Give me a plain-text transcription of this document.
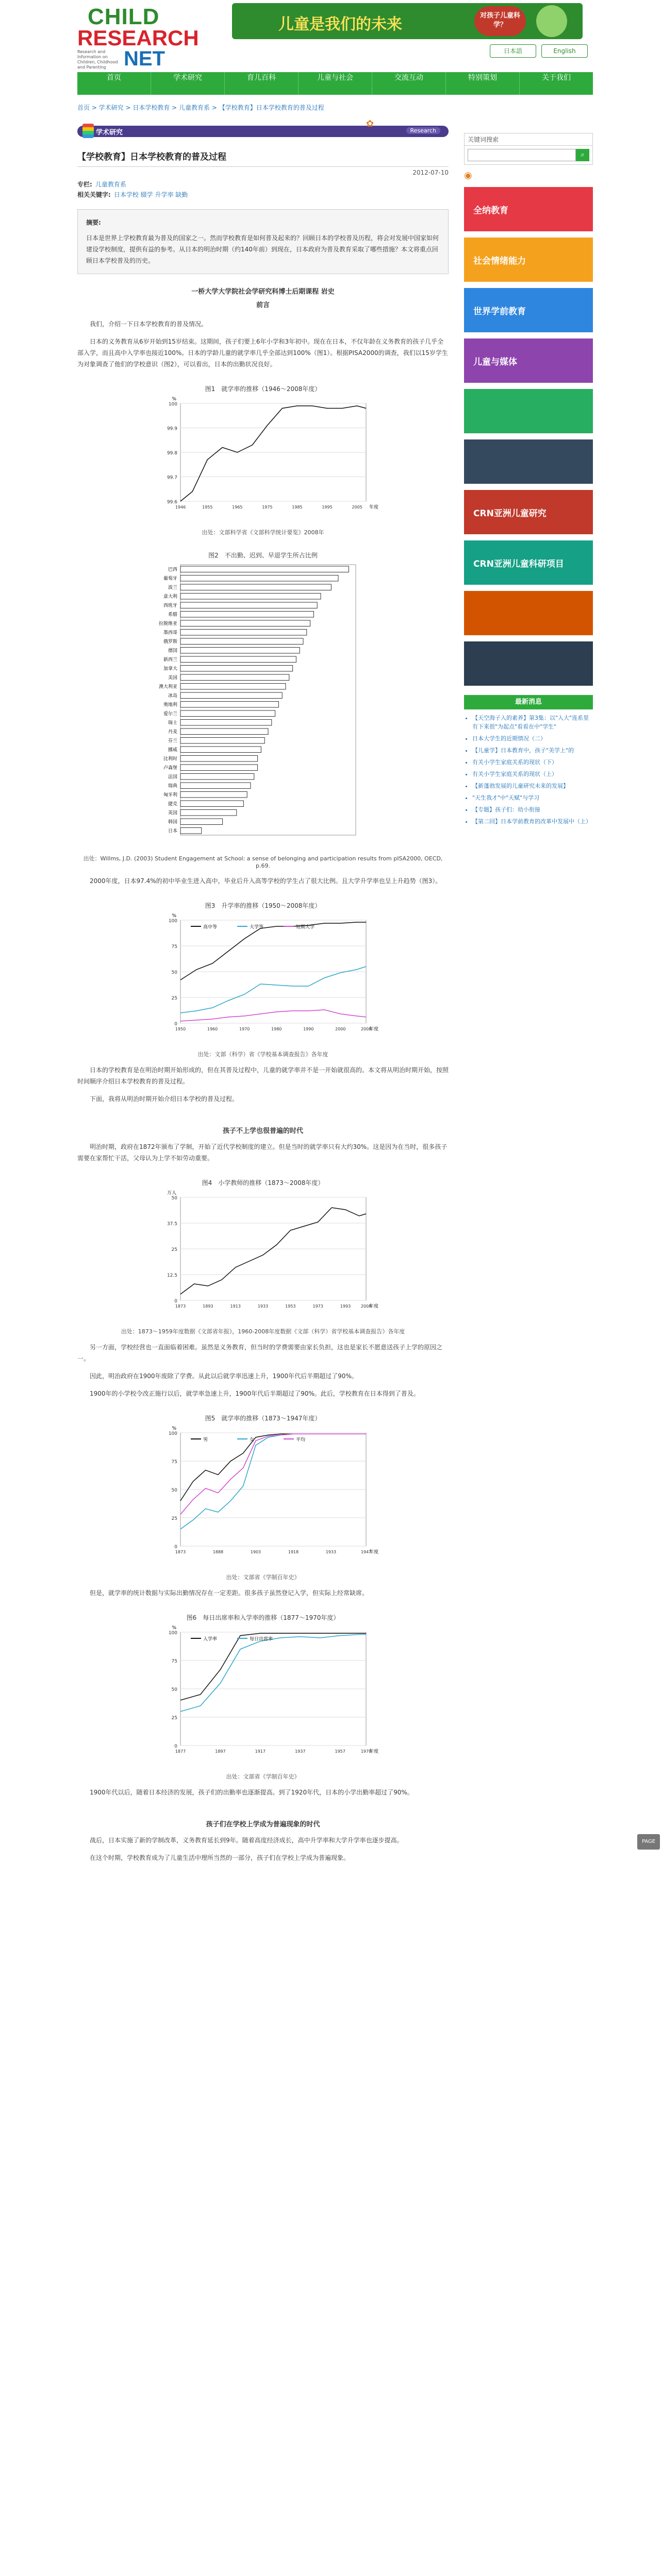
CHILD
RESEARCH
NET
Research and Information on Children, Childhood and Parenting
儿童是我们的未来	对孩子儿童科学？
日本語	English
首页	学术研究	育儿百科	儿童与社会	交流互动	特别策划	关于我们
首页 > 学术研究 > 日本学校教育 > 儿童教育系 > 【学校教育】日本学校教育的普及过程
学术研究	Research
✿
【学校教育】日本学校教育的普及过程
2012-07-10
专栏: 儿童教育系
相关关键字: 日本学校 辍学 升学率 缺勤
摘要:
日本是世界上学校教育最为普及的国家之一。然而学校教育是如何普及起来的？回顾日本的学校普及历程，将会对发展中国家如何建设学校制度，提供有益的参考。从日本的明治时期（约140年前）到现在，日本政府为普及教育采取了哪些措施？本文将重点回顾日本学校普及的历史。
一桥大学大学院社会学研究科博士后期课程 岩史
前言
我们，介绍一下日本学校教育的普及情况。
日本的义务教育从6岁开始到15岁结束。这期间，孩子们要上6年小学和3年初中。现在在日本，不仅年龄在义务教育的孩子几乎全部入学，而且高中入学率也接近100%。日本的学龄儿童的就学率几乎全部达到100%（图1）。根据PISA2000的调查，我们以15岁学生为对象调查了他们的学校意识（图2），可以看出，日本的出勤状况良好。
图1　就学率的推移（1946～2008年度）
99.6
99.7
99.8
99.9
100
1946	1955	1965	1975	1985	1995	2005
%
年度
出处：文部科学省《文部科学统计要览》2008年
图2　不出勤、迟到、早退学生所占比例
巴西
葡萄牙
波兰
意大利
西班牙
希腊
拉脱维亚
墨西哥
俄罗斯
德国
新西兰
加拿大
美国
澳大利亚
冰岛
奥地利
爱尔兰
瑞士
丹麦
芬兰
挪威
比利时
卢森堡
法国
瑞典
匈牙利
捷克
英国
韩国
日本
出处：Willms, J.D. (2003) Student Engagement at School: a sense of belonging and participation results from pISA2000, OECD, p.69.
2000年度，日本97.4%的初中毕业生进入高中，毕业后升入高等学校的学生占了很大比例。且大学升学率也呈上升趋势（图3）。
图3　升学率的推移（1950～2008年度）
0
25
50
75
100
1950	1960	1970	1980	1990	2000	2008
%
年度
高中等	大学等	短期大学
出处：文部（科学）省《学校基本调查报告》各年度
日本的学校教育是在明治时期开始形成的，但在其普及过程中，儿童的就学率并不是一开始就很高的。本文将从明治时期开始，按照时间顺序介绍日本学校教育的普及过程。
下面，我将从明治时期开始介绍日本学校的普及过程。
孩子不上学也很普遍的时代
明治时期，政府在1872年颁布了学制，开始了近代学校制度的建立。但是当时的就学率只有大约30%。这是因为在当时，很多孩子需要在家帮忙干活，父母认为上学不如劳动重要。
图4　小学教师的推移（1873～2008年度）
0
12.5
25
37.5
50
1873	1893	1913	1933	1953	1973	1993 2008
万人
年度
出处：1873～1959年度数据《文部省年报》，1960-2008年度数据《文部（科学）省学校基本调查报告》各年度
另一方面，学校经营也一直面临着困难。虽然是义务教育，但当时的学费需要由家长负担，这也是家长不愿意送孩子上学的原因之一。
因此，明治政府在1900年废除了学费。从此以后就学率迅速上升，1900年代后半期超过了90%。
1900年的小学校令改正施行以后，就学率急速上升，1900年代后半期超过了90%。此后，学校教育在日本得到了普及。
图5　就学率的推移（1873～1947年度）
0
25
50
75
100
1873	1888	1903	1918	1933	1947
%
年度
男	女	平均
出处：文部省《学制百年史》
但是，就学率的统计数据与实际出勤情况存在一定差距。很多孩子虽然登记入学，但实际上经常缺席。
图6　每日出席率和入学率的推移（1877～1970年度）
0
25
50
75
100
1877	1897	1917	1937	1957	1970
%
年度
入学率	每日出席率
出处：文部省《学制百年史》
1900年代以后，随着日本经济的发展，孩子们的出勤率也逐渐提高。到了1920年代，日本的小学出勤率超过了90%。
孩子们在学校上学成为普遍现象的时代
战后，日本实施了新的学制改革，义务教育延长到9年。随着高度经济成长，高中升学率和大学升学率也逐步提高。
在这个时期，学校教育成为了儿童生活中理所当然的一部分，孩子们在学校上学成为普遍现象。
关键词搜索
⌕
◉
全纳教育
社会情绪能力
世界学前教育
儿童与媒体
CRN亚洲儿童研究
CRN亚洲儿童科研项目
最新消息
• 【天空海子入的素养】第3集：以"入大"连系里有下来很"为起点"看看在中"学生"
• 日本大学生的近期情况（二）
• 【儿童学】日本教育中，孩子"美学上"的
• 有关小学生家庭关系的现状（下）
• 有关小学生家庭关系的现状（上）
• 【新蓬勃发展的儿童研究未来的发展】
• "天生我才"中"天赋"与学习
• 【专题】孩子们：幼小衔接
• 【第二回】日本学前教育的改革中发展中（上）
PAGE TOP
